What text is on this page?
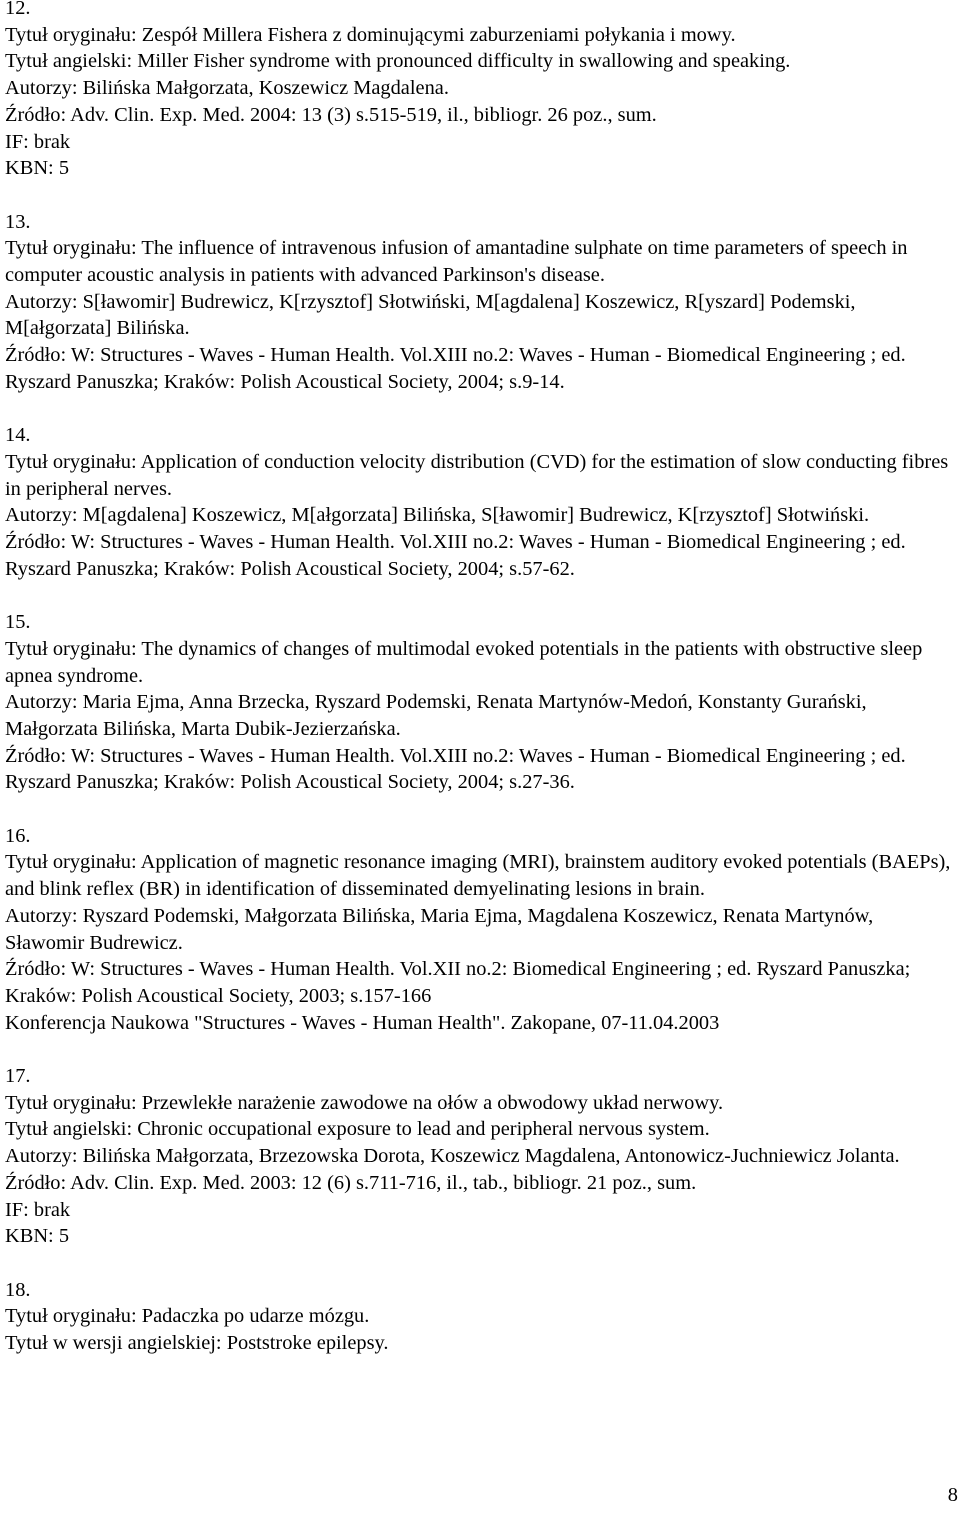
12.
Tytuł oryginału: Zespół Millera Fishera z dominującymi zaburzeniami połykania i mowy.
Tytuł angielski: Miller Fisher syndrome with pronounced difficulty in swallowing and speaking.
Autorzy: Bilińska Małgorzata, Koszewicz Magdalena.
Źródło: Adv. Clin. Exp. Med. 2004: 13 (3) s.515-519, il., bibliogr. 26 poz., sum.
IF: brak
KBN: 5
13.
Tytuł oryginału: The influence of intravenous infusion of amantadine sulphate on time parameters of speech in computer acoustic analysis in patients with advanced Parkinson's disease.
Autorzy: S[ławomir] Budrewicz, K[rzysztof] Słotwiński, M[agdalena] Koszewicz, R[yszard] Podemski, M[ałgorzata] Bilińska.
Źródło: W: Structures - Waves - Human Health. Vol.XIII no.2: Waves - Human - Biomedical Engineering ; ed. Ryszard Panuszka; Kraków: Polish Acoustical Society, 2004; s.9-14.
14.
Tytuł oryginału: Application of conduction velocity distribution (CVD) for the estimation of slow conducting fibres in peripheral nerves.
Autorzy: M[agdalena] Koszewicz, M[ałgorzata] Bilińska, S[ławomir] Budrewicz, K[rzysztof] Słotwiński.
Źródło: W: Structures - Waves - Human Health. Vol.XIII no.2: Waves - Human - Biomedical Engineering ; ed. Ryszard Panuszka; Kraków: Polish Acoustical Society, 2004; s.57-62.
15.
Tytuł oryginału: The dynamics of changes of multimodal evoked potentials in the patients with obstructive sleep apnea syndrome.
Autorzy: Maria Ejma, Anna Brzecka, Ryszard Podemski, Renata Martynów-Medoń, Konstanty Gurański, Małgorzata Bilińska, Marta Dubik-Jezierzańska.
Źródło: W: Structures - Waves - Human Health. Vol.XIII no.2: Waves - Human - Biomedical Engineering ; ed. Ryszard Panuszka; Kraków: Polish Acoustical Society, 2004; s.27-36.
16.
Tytuł oryginału: Application of magnetic resonance imaging (MRI), brainstem auditory evoked potentials (BAEPs), and blink reflex (BR) in identification of disseminated demyelinating lesions in brain.
Autorzy: Ryszard Podemski, Małgorzata Bilińska, Maria Ejma, Magdalena Koszewicz, Renata Martynów, Sławomir Budrewicz.
Źródło: W: Structures - Waves - Human Health. Vol.XII no.2: Biomedical Engineering ; ed. Ryszard Panuszka; Kraków: Polish Acoustical Society, 2003; s.157-166
Konferencja Naukowa "Structures - Waves - Human Health". Zakopane, 07-11.04.2003
17.
Tytuł oryginału: Przewlekłe narażenie zawodowe na ołów a obwodowy układ nerwowy.
Tytuł angielski: Chronic occupational exposure to lead and peripheral nervous system.
Autorzy: Bilińska Małgorzata, Brzezowska Dorota, Koszewicz Magdalena, Antonowicz-Juchniewicz Jolanta.
Źródło: Adv. Clin. Exp. Med. 2003: 12 (6) s.711-716, il., tab., bibliogr. 21 poz., sum.
IF: brak
KBN: 5
18.
Tytuł oryginału: Padaczka po udarze mózgu.
Tytuł w wersji angielskiej: Poststroke epilepsy.
8
